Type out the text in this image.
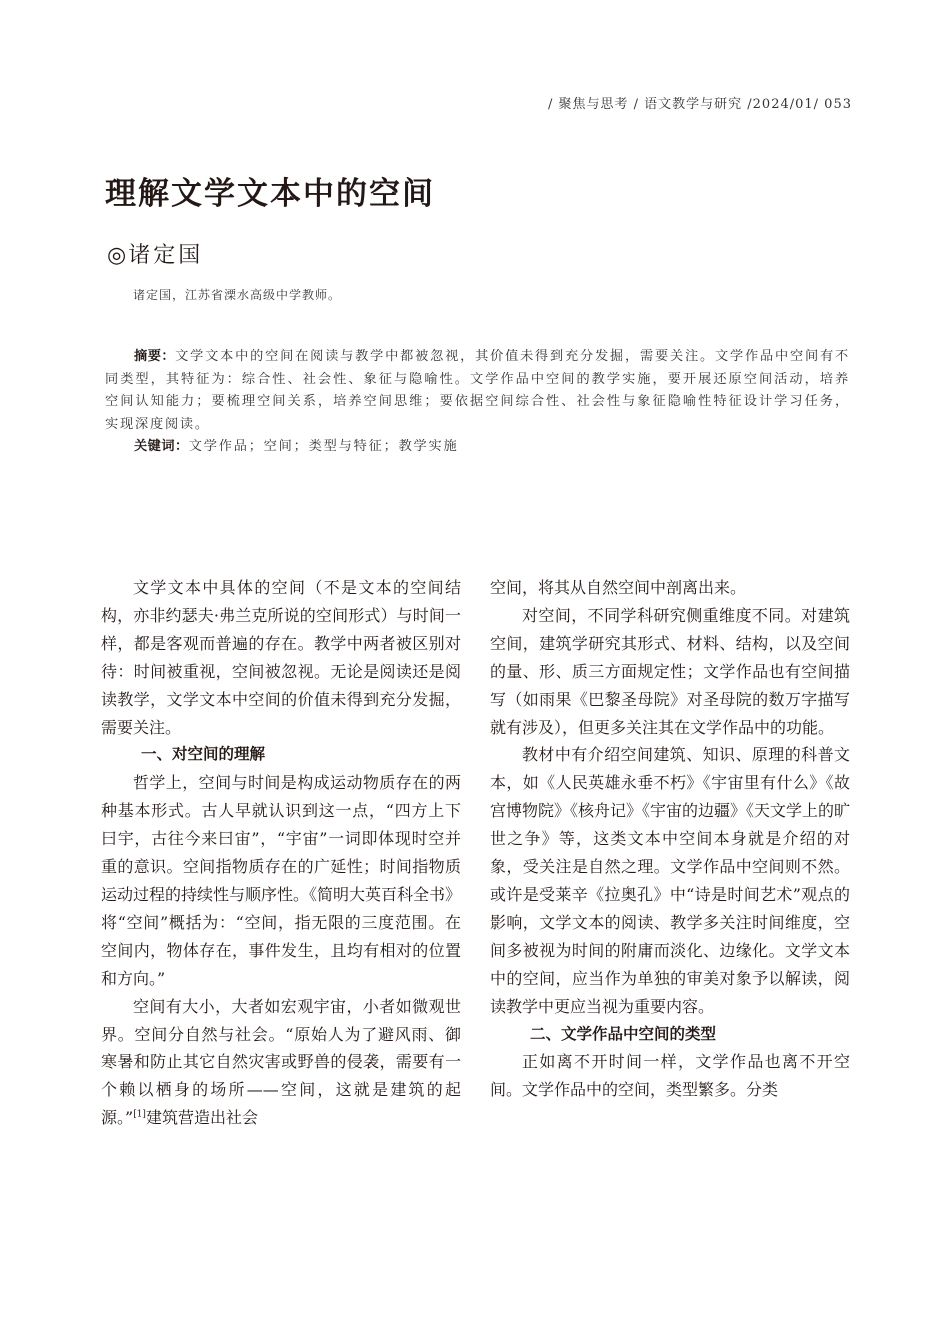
/ 聚焦与思考 / 语文教学与研究 /2024/01/ 053
理解文学文本中的空间
◎诸定国
诸定国，江苏省溧水高级中学教师。

摘要：文学文本中的空间在阅读与教学中都被忽视，其价值未得到充分发掘，需要关注。文学作品中空间有不同类型，其特征为：综合性、社会性、象征与隐喻性。文学作品中空间的教学实施，要开展还原空间活动，培养空间认知能力；要梳理空间关系，培养空间思维；要依据空间综合性、社会性与象征隐喻性特征设计学习任务，实现深度阅读。

关键词：文学作品；空间；类型与特征；教学实施

文学文本中具体的空间（不是文本的空间结构，亦非约瑟夫·弗兰克所说的空间形式）与时间一样，都是客观而普遍的存在。教学中两者被区别对待：时间被重视，空间被忽视。无论是阅读还是阅读教学，文学文本中空间的价值未得到充分发掘，需要关注。

一、对空间的理解

哲学上，空间与时间是构成运动物质存在的两种基本形式。古人早就认识到这一点，“四方上下曰宇，古往今来曰宙”，“宇宙”一词即体现时空并重的意识。空间指物质存在的广延性；时间指物质运动过程的持续性与顺序性。《简明大英百科全书》将“空间”概括为：“空间，指无限的三度范围。在空间内，物体存在，事件发生，且均有相对的位置和方向。”

空间有大小，大者如宏观宇宙，小者如微观世界。空间分自然与社会。“原始人为了避风雨、御寒暑和防止其它自然灾害或野兽的侵袭，需要有一个赖以栖身的场所——空间，这就是建筑的起源。”[1]建筑营造出社会

空间，将其从自然空间中剖离出来。

对空间，不同学科研究侧重维度不同。对建筑空间，建筑学研究其形式、材料、结构，以及空间的量、形、质三方面规定性；文学作品也有空间描写（如雨果《巴黎圣母院》对圣母院的数万字描写就有涉及），但更多关注其在文学作品中的功能。

教材中有介绍空间建筑、知识、原理的科普文本，如《人民英雄永垂不朽》《宇宙里有什么》《故宫博物院》《核舟记》《宇宙的边疆》《天文学上的旷世之争》等，这类文本中空间本身就是介绍的对象，受关注是自然之理。文学作品中空间则不然。或许是受莱辛《拉奥孔》中“诗是时间艺术”观点的影响，文学文本的阅读、教学多关注时间维度，空间多被视为时间的附庸而淡化、边缘化。文学文本中的空间，应当作为单独的审美对象予以解读，阅读教学中更应当视为重要内容。

二、文学作品中空间的类型

正如离不开时间一样，文学作品也离不开空间。文学作品中的空间，类型繁多。分类
